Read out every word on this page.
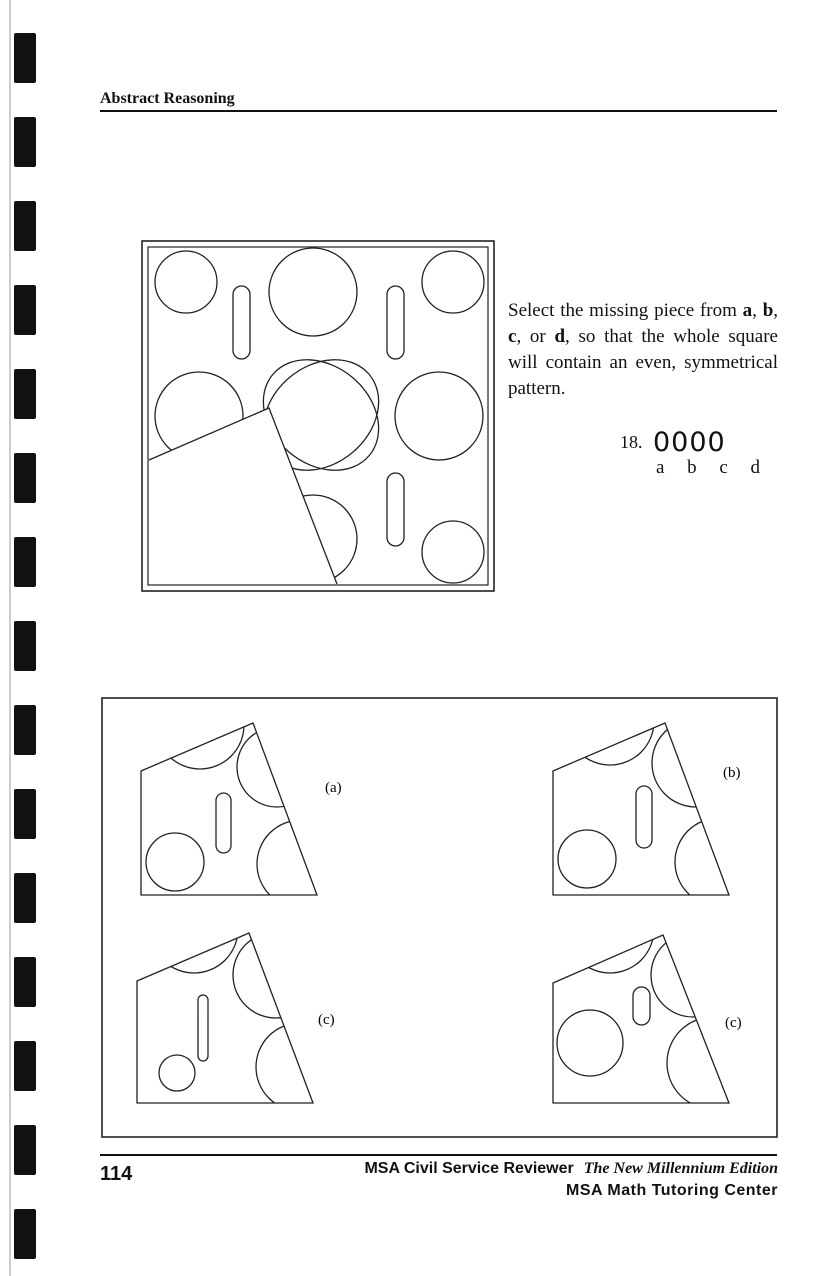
Abstract Reasoning
Select the missing piece from a, b, c, or d, so that the whole square will contain an even, symmetrical pattern.
18. 0000
a b c d
(a)
(b)
(c)	(c)
114	MSA Civil Service Reviewer The New Millennium Edition
MSA Math Tutoring Center
